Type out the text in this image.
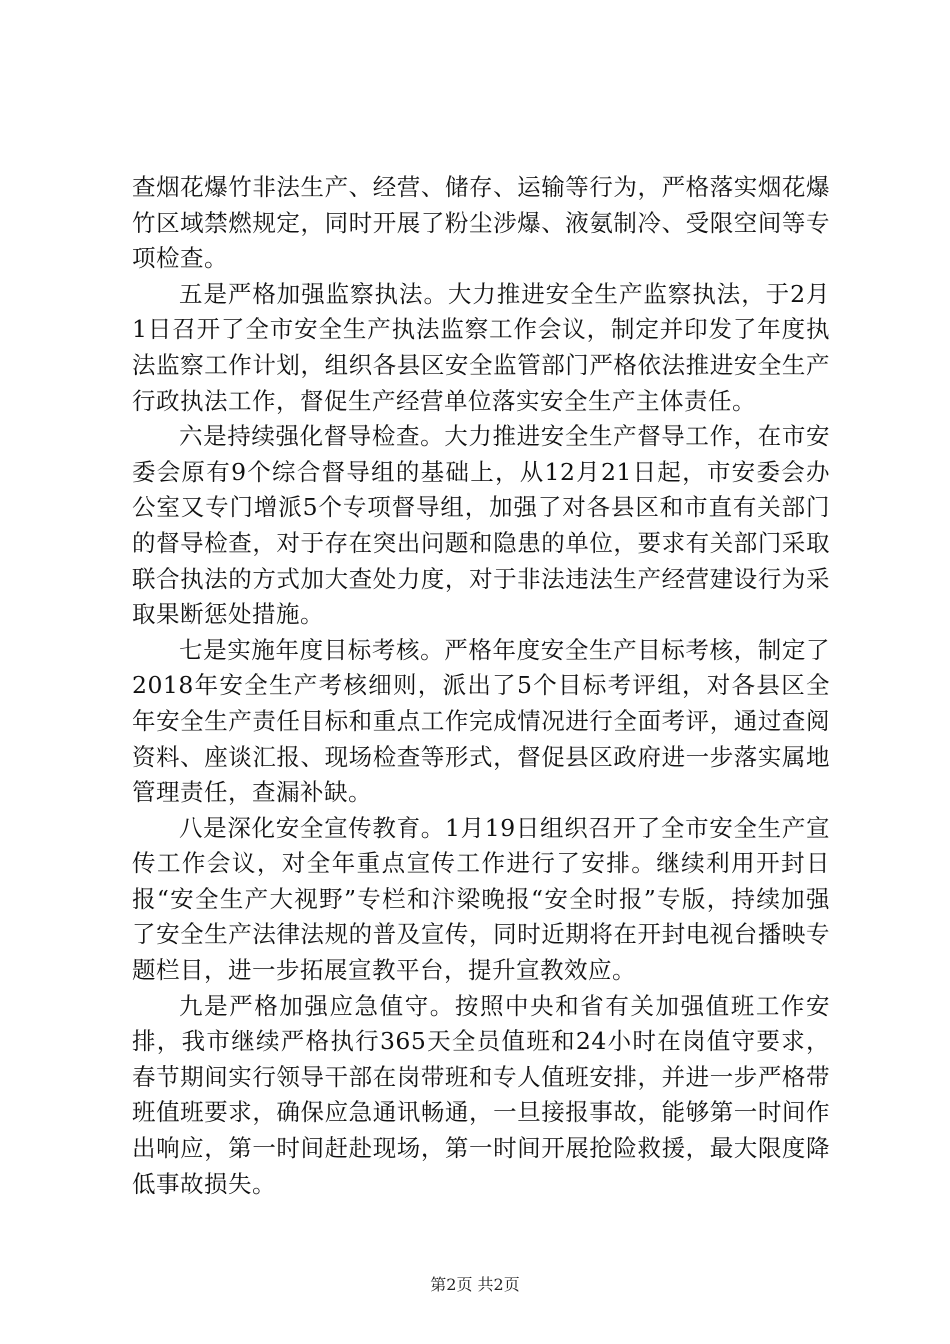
查烟花爆竹非法生产、经营、储存、运输等行为，严格落实烟花爆竹区域禁燃规定，同时开展了粉尘涉爆、液氨制冷、受限空间等专项检查。

五是严格加强监察执法。大力推进安全生产监察执法，于2月1日召开了全市安全生产执法监察工作会议，制定并印发了年度执法监察工作计划，组织各县区安全监管部门严格依法推进安全生产行政执法工作，督促生产经营单位落实安全生产主体责任。

六是持续强化督导检查。大力推进安全生产督导工作，在市安委会原有9个综合督导组的基础上，从12月21日起，市安委会办公室又专门增派5个专项督导组，加强了对各县区和市直有关部门的督导检查，对于存在突出问题和隐患的单位，要求有关部门采取联合执法的方式加大查处力度，对于非法违法生产经营建设行为采取果断惩处措施。

七是实施年度目标考核。严格年度安全生产目标考核，制定了2018年安全生产考核细则，派出了5个目标考评组，对各县区全年安全生产责任目标和重点工作完成情况进行全面考评，通过查阅资料、座谈汇报、现场检查等形式，督促县区政府进一步落实属地管理责任，查漏补缺。

八是深化安全宣传教育。1月19日组织召开了全市安全生产宣传工作会议，对全年重点宣传工作进行了安排。继续利用开封日报“安全生产大视野”专栏和汴梁晚报“安全时报”专版，持续加强了安全生产法律法规的普及宣传，同时近期将在开封电视台播映专题栏目，进一步拓展宣教平台，提升宣教效应。

九是严格加强应急值守。按照中央和省有关加强值班工作安排，我市继续严格执行365天全员值班和24小时在岗值守要求，春节期间实行领导干部在岗带班和专人值班安排，并进一步严格带班值班要求，确保应急通讯畅通，一旦接报事故，能够第一时间作出响应，第一时间赶赴现场，第一时间开展抢险救援，最大限度降低事故损失。

第2页 共2页
